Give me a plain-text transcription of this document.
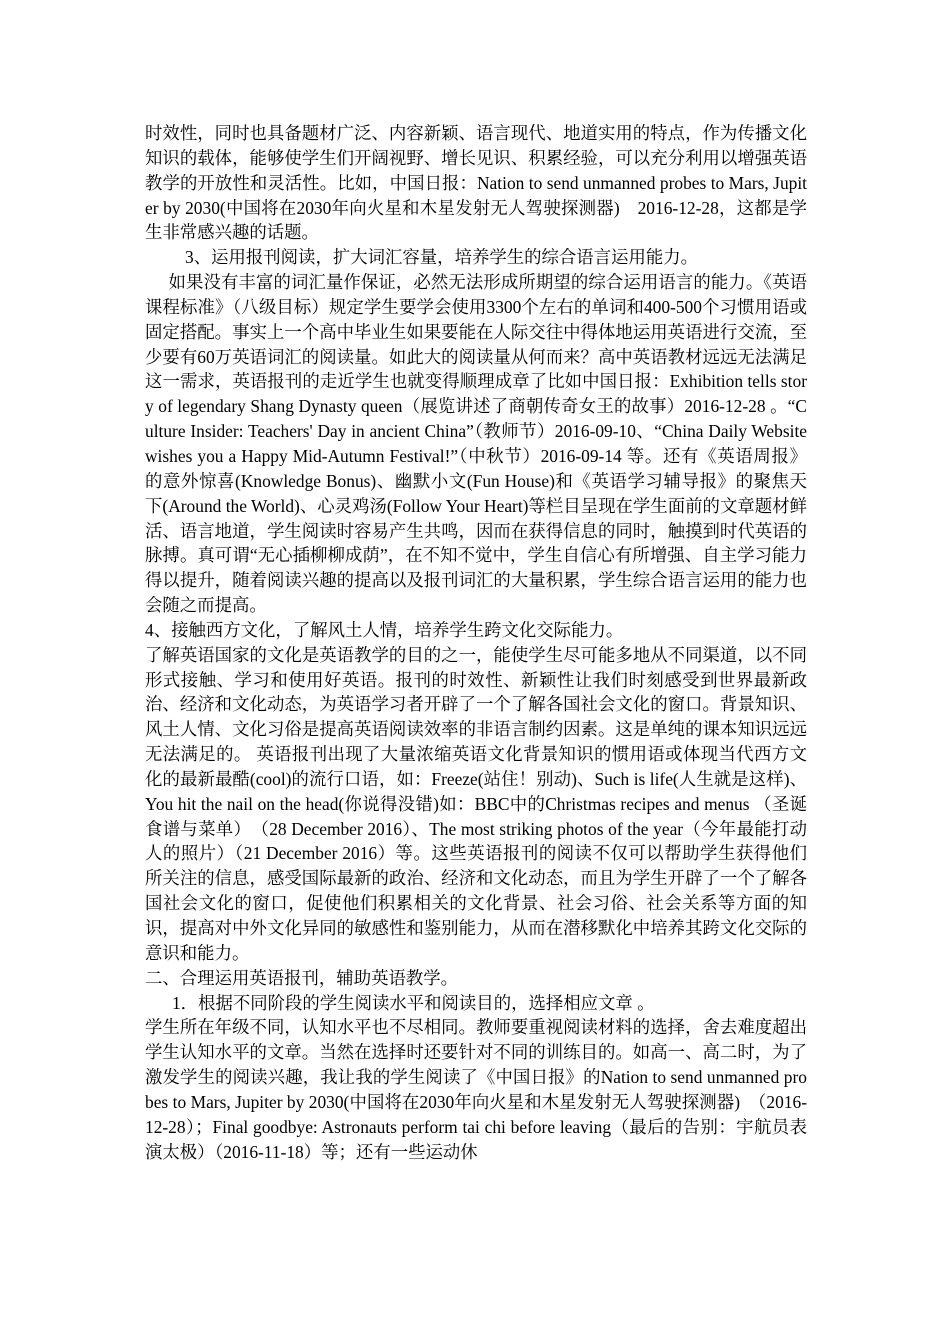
时效性，同时也具备题材广泛、内容新颖、语言现代、地道实用的特点，作为传播文化知识的载体，能够使学生们开阔视野、增长见识、积累经验，可以充分利用以增强英语教学的开放性和灵活性。比如，中国日报：Nation to send unmanned probes to Mars, Jupiter by 2030(中国将在2030年向火星和木星发射无人驾驶探测器)　2016-12-28，这都是学生非常感兴趣的话题。

3、运用报刊阅读，扩大词汇容量，培养学生的综合语言运用能力。

如果没有丰富的词汇量作保证，必然无法形成所期望的综合运用语言的能力。《英语课程标准》（八级目标）规定学生要学会使用3300个左右的单词和400-500个习惯用语或固定搭配。事实上一个高中毕业生如果要能在人际交往中得体地运用英语进行交流，至少要有60万英语词汇的阅读量。如此大的阅读量从何而来？高中英语教材远远无法满足这一需求，英语报刊的走近学生也就变得顺理成章了比如中国日报：Exhibition tells story of legendary Shang Dynasty queen（展览讲述了商朝传奇女王的故事）2016-12-28 。“Culture Insider: Teachers' Day in ancient China”（教师节）2016-09-10、“China Daily Website wishes you a Happy Mid-Autumn Festival!”（中秋节）2016-09-14 等。还有《英语周报》的意外惊喜(Knowledge Bonus)、幽默小文(Fun House)和《英语学习辅导报》的聚焦天下(Around the World)、心灵鸡汤(Follow Your Heart)等栏目呈现在学生面前的文章题材鲜活、语言地道，学生阅读时容易产生共鸣，因而在获得信息的同时，触摸到时代英语的脉搏。真可谓“无心插柳柳成荫”，在不知不觉中，学生自信心有所增强、自主学习能力得以提升，随着阅读兴趣的提高以及报刊词汇的大量积累，学生综合语言运用的能力也会随之而提高。

4、接触西方文化，了解风土人情，培养学生跨文化交际能力。

了解英语国家的文化是英语教学的目的之一，能使学生尽可能多地从不同渠道，以不同形式接触、学习和使用好英语。报刊的时效性、新颖性让我们时刻感受到世界最新政治、经济和文化动态，为英语学习者开辟了一个了解各国社会文化的窗口。背景知识、风土人情、文化习俗是提高英语阅读效率的非语言制约因素。这是单纯的课本知识远远无法满足的。 英语报刊出现了大量浓缩英语文化背景知识的惯用语或体现当代西方文化的最新最酷(cool)的流行口语，如：Freeze(站住！别动)、Such is life(人生就是这样)、You hit the nail on the head(你说得没错)如：BBC中的Christmas recipes and menus （圣诞食谱与菜单）　（28 December 2016）、The most striking photos of the year（今年最能打动人的照片）（21 December 2016）等。这些英语报刊的阅读不仅可以帮助学生获得他们所关注的信息，感受国际最新的政治、经济和文化动态，而且为学生开辟了一个了解各国社会文化的窗口，促使他们积累相关的文化背景、社会习俗、社会关系等方面的知识，提高对中外文化异同的敏感性和鉴别能力，从而在潜移默化中培养其跨文化交际的意识和能力。

二、合理运用英语报刊，辅助英语教学。

1．根据不同阶段的学生阅读水平和阅读目的，选择相应文章 。

学生所在年级不同，认知水平也不尽相同。教师要重视阅读材料的选择，舍去难度超出学生认知水平的文章。当然在选择时还要针对不同的训练目的。如高一、高二时，为了激发学生的阅读兴趣，我让我的学生阅读了《中国日报》的Nation to send unmanned probes to Mars, Jupiter by 2030(中国将在2030年向火星和木星发射无人驾驶探测器)　（2016-12-28）；Final goodbye: Astronauts perform tai chi before leaving（最后的告别：宇航员表演太极）（2016-11-18）等；还有一些运动休
